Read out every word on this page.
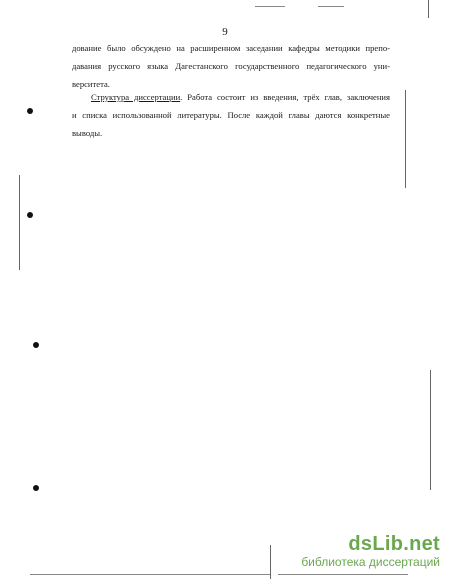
9
дование было обсуждено на расширенном заседании кафедры методики препо-
давания русского языка Дагестанского государственного педагогического уни-
верситета.
Структура диссертации. Работа состоит из введения, трёх глав, заключения
и списка использованной литературы. После каждой главы даются конкретные
выводы.
dsLib.net
библиотека диссертаций
